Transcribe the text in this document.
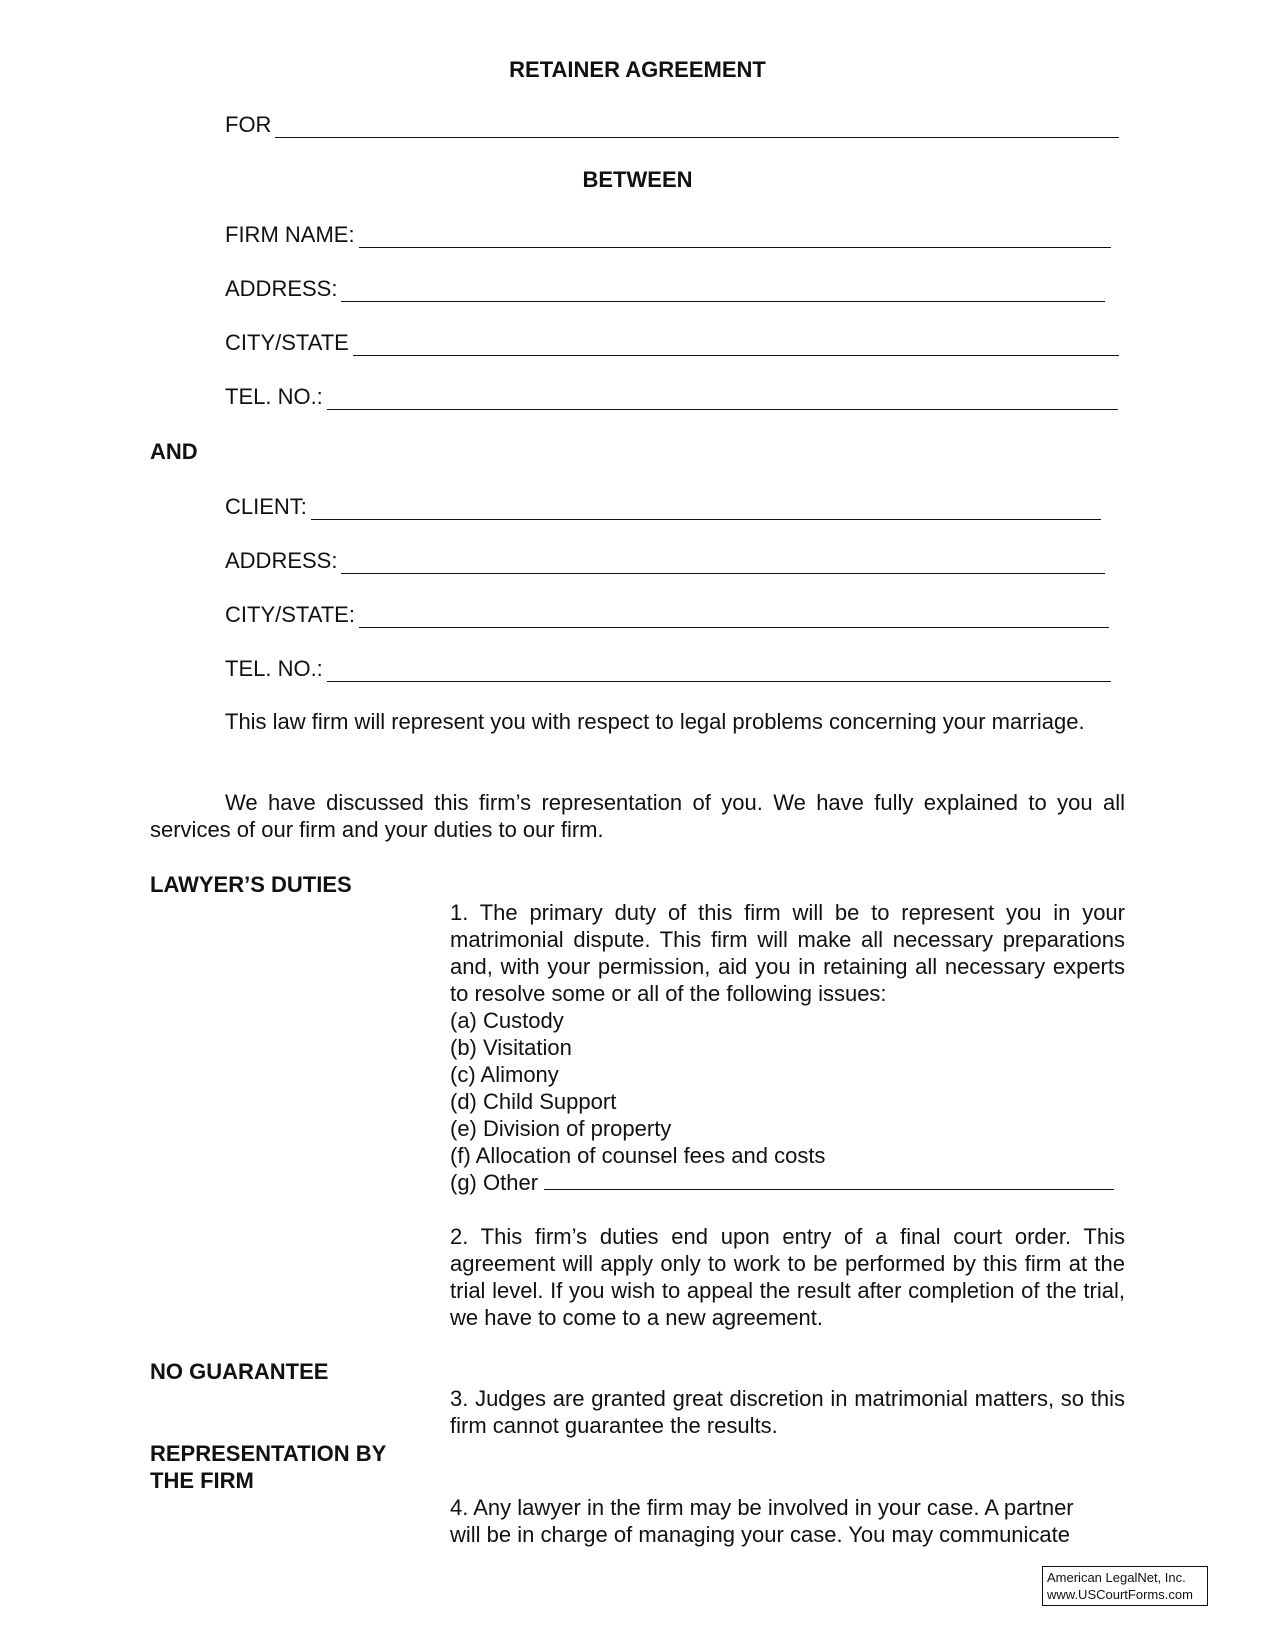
RETAINER AGREEMENT
FOR
BETWEEN
FIRM NAME:
ADDRESS:
CITY/STATE
TEL. NO.:
AND
CLIENT:
ADDRESS:
CITY/STATE:
TEL. NO.:
This law firm will represent you with respect to legal problems concerning your marriage.
We have discussed this firm’s representation of you. We have fully explained to you all services of our firm and your duties to our firm.
LAWYER’S DUTIES

1. The primary duty of this firm will be to represent you in your matrimonial dispute. This firm will make all necessary preparations and, with your permission, aid you in retaining all necessary experts to resolve some or all of the following issues:

(a) Custody

(b) Visitation

(c) Alimony

(d) Child Support

(e) Division of property

(f) Allocation of counsel fees and costs

(g) Other

2. This firm’s duties end upon entry of a final court order. This agreement will apply only to work to be performed by this firm at the trial level. If you wish to appeal the result after completion of the trial, we have to come to a new agreement.

NO GUARANTEE

3. Judges are granted great discretion in matrimonial matters, so this firm cannot guarantee the results.

REPRESENTATION BY
THE FIRM
4. Any lawyer in the firm may be involved in your case. A partner
will be in charge of managing your case. You may communicate
American LegalNet, Inc.
www.USCourtForms.com
